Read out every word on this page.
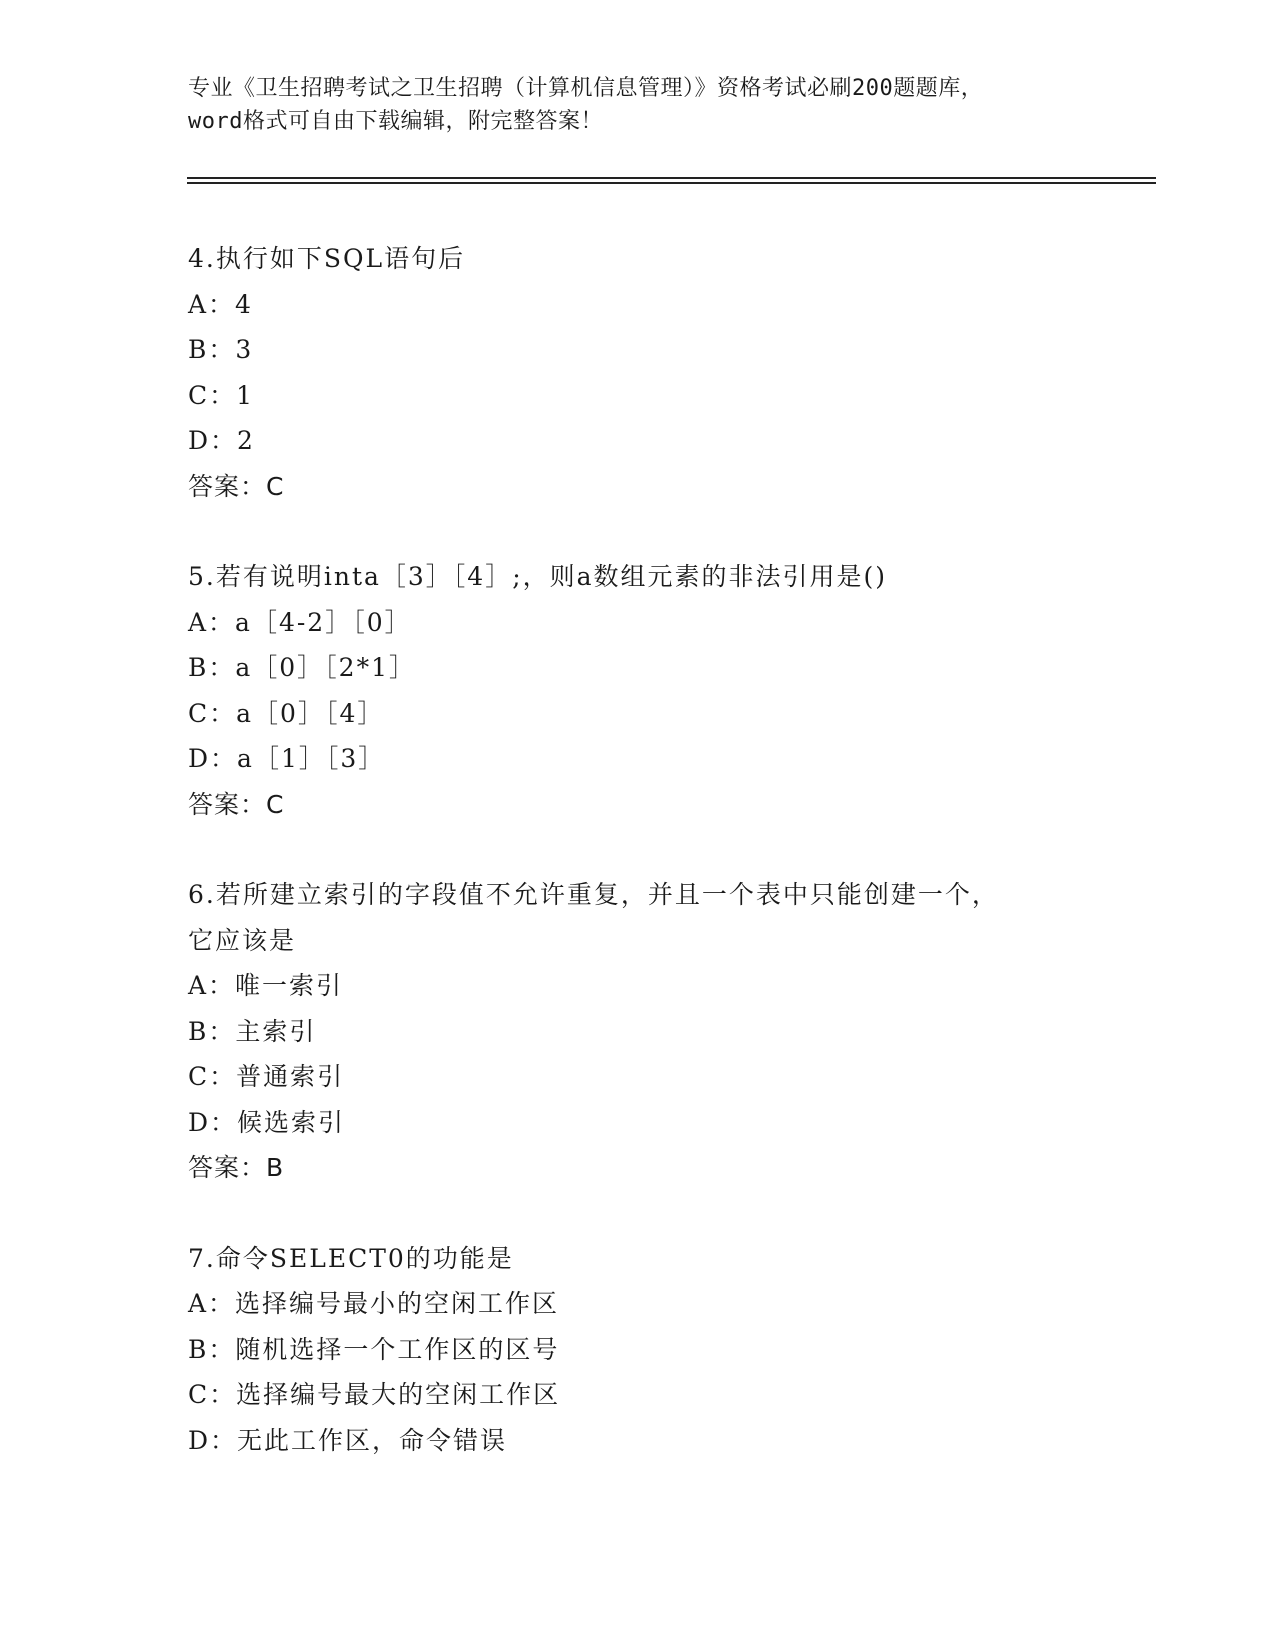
专业《卫生招聘考试之卫生招聘（计算机信息管理）》资格考试必刷200题题库，
word格式可自由下载编辑，附完整答案！
4.执行如下SQL语句后
A：4
B：3
C：1
D：2
答案：C
5.若有说明inta［3］［4］;，则a数组元素的非法引用是()
A：a［4-2］［0］
B：a［0］［2*1］
C：a［0］［4］
D：a［1］［3］
答案：C
6.若所建立索引的字段值不允许重复，并且一个表中只能创建一个，
它应该是
A：唯一索引
B：主索引
C：普通索引
D：候选索引
答案：B
7.命令SELECT0的功能是
A：选择编号最小的空闲工作区
B：随机选择一个工作区的区号
C：选择编号最大的空闲工作区
D：无此工作区，命令错误
